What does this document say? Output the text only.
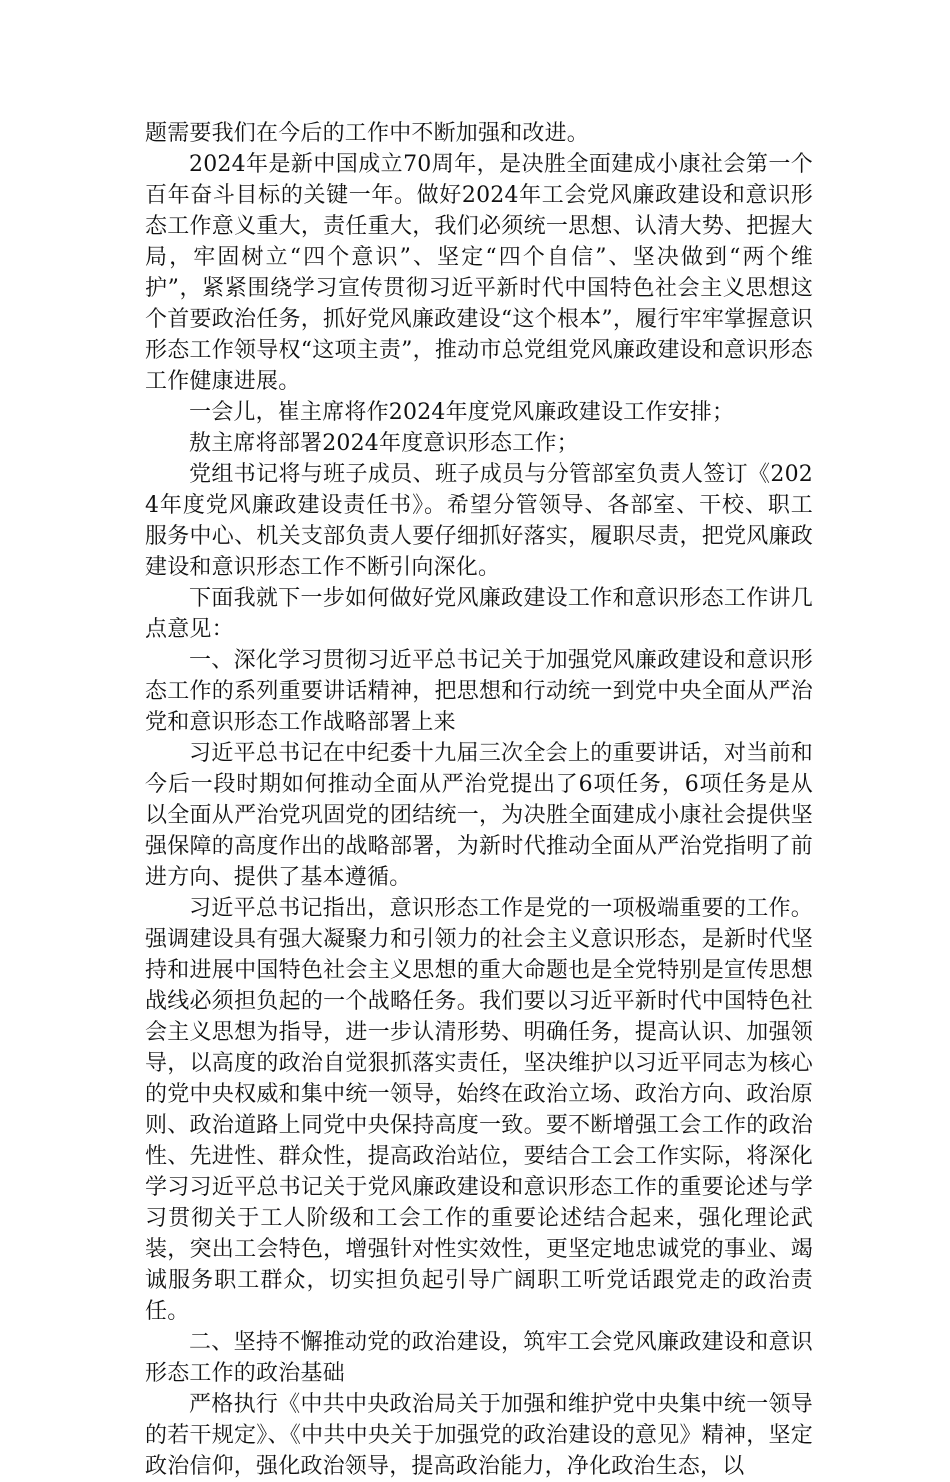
题需要我们在今后的工作中不断加强和改进。

2024年是新中国成立70周年，是决胜全面建成小康社会第一个百年奋斗目标的关键一年。做好2024年工会党风廉政建设和意识形态工作意义重大，责任重大，我们必须统一思想、认清大势、把握大局，牢固树立“四个意识”、坚定“四个自信”、坚决做到“两个维护”，紧紧围绕学习宣传贯彻习近平新时代中国特色社会主义思想这个首要政治任务，抓好党风廉政建设“这个根本”，履行牢牢掌握意识形态工作领导权“这项主责”，推动市总党组党风廉政建设和意识形态工作健康进展。

一会儿，崔主席将作2024年度党风廉政建设工作安排；

敖主席将部署2024年度意识形态工作；

党组书记将与班子成员、班子成员与分管部室负责人签订《2024年度党风廉政建设责任书》。希望分管领导、各部室、干校、职工服务中心、机关支部负责人要仔细抓好落实，履职尽责，把党风廉政建设和意识形态工作不断引向深化。

下面我就下一步如何做好党风廉政建设工作和意识形态工作讲几点意见：

一、深化学习贯彻习近平总书记关于加强党风廉政建设和意识形态工作的系列重要讲话精神，把思想和行动统一到党中央全面从严治党和意识形态工作战略部署上来

习近平总书记在中纪委十九届三次全会上的重要讲话，对当前和今后一段时期如何推动全面从严治党提出了6项任务，6项任务是从以全面从严治党巩固党的团结统一，为决胜全面建成小康社会提供坚强保障的高度作出的战略部署，为新时代推动全面从严治党指明了前进方向、提供了基本遵循。

习近平总书记指出，意识形态工作是党的一项极端重要的工作。强调建设具有强大凝聚力和引领力的社会主义意识形态，是新时代坚持和进展中国特色社会主义思想的重大命题也是全党特别是宣传思想战线必须担负起的一个战略任务。我们要以习近平新时代中国特色社会主义思想为指导，进一步认清形势、明确任务，提高认识、加强领导，以高度的政治自觉狠抓落实责任，坚决维护以习近平同志为核心的党中央权威和集中统一领导，始终在政治立场、政治方向、政治原则、政治道路上同党中央保持高度一致。要不断增强工会工作的政治性、先进性、群众性，提高政治站位，要结合工会工作实际，将深化学习习近平总书记关于党风廉政建设和意识形态工作的重要论述与学习贯彻关于工人阶级和工会工作的重要论述结合起来，强化理论武装，突出工会特色，增强针对性实效性，更坚定地忠诚党的事业、竭诚服务职工群众，切实担负起引导广阔职工听党话跟党走的政治责任。

二、坚持不懈推动党的政治建设，筑牢工会党风廉政建设和意识形态工作的政治基础

严格执行《中共中央政治局关于加强和维护党中央集中统一领导的若干规定》、《中共中央关于加强党的政治建设的意见》精神，坚定政治信仰，强化政治领导，提高政治能力，净化政治生态，以
